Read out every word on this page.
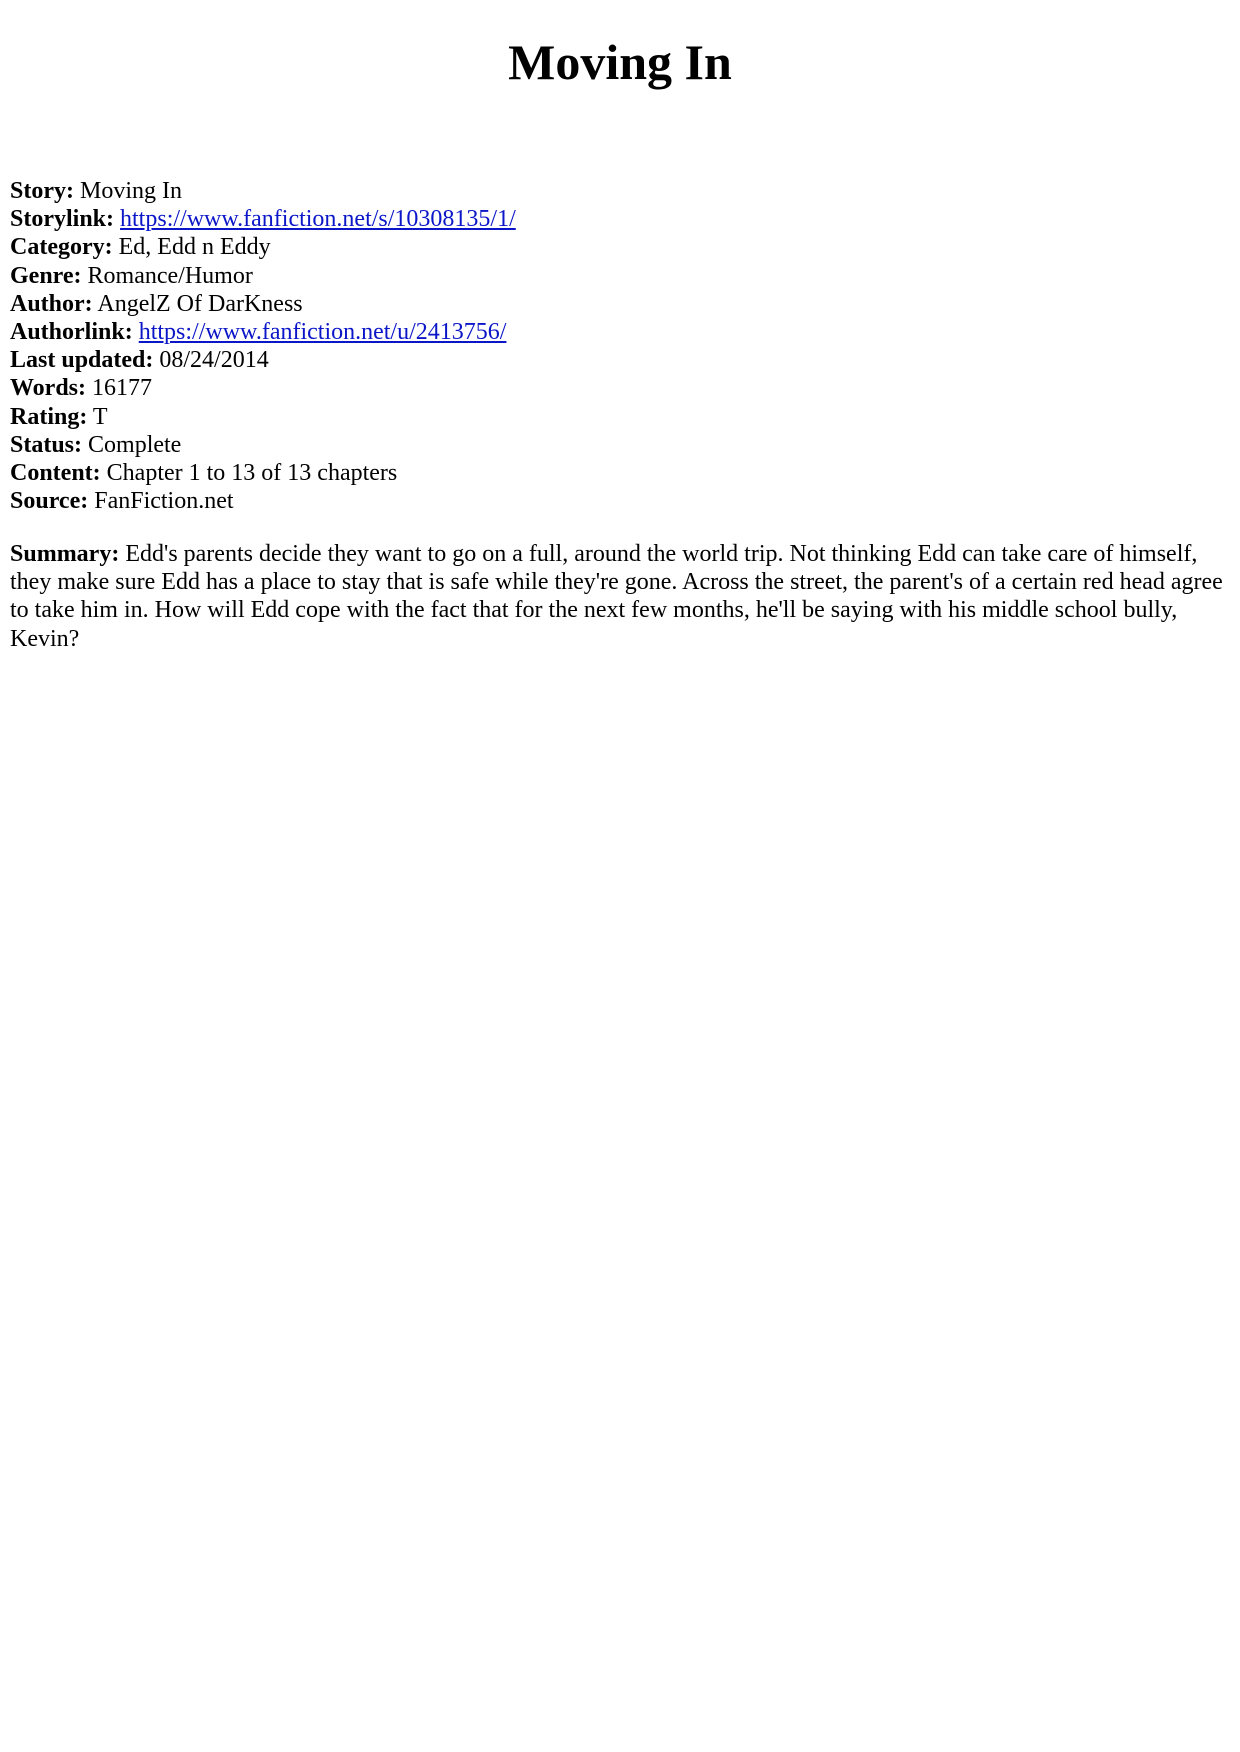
Moving In
Story: Moving In
Storylink: https://www.fanfiction.net/s/10308135/1/
Category: Ed, Edd n Eddy
Genre: Romance/Humor
Author: AngelZ Of DarKness
Authorlink: https://www.fanfiction.net/u/2413756/
Last updated: 08/24/2014
Words: 16177
Rating: T
Status: Complete
Content: Chapter 1 to 13 of 13 chapters
Source: FanFiction.net
Summary: Edd's parents decide they want to go on a full, around the world trip. Not thinking Edd can take care of himself, they make sure Edd has a place to stay that is safe while they're gone. Across the street, the parent's of a certain red head agree to take him in. How will Edd cope with the fact that for the next few months, he'll be saying with his middle school bully, Kevin?
